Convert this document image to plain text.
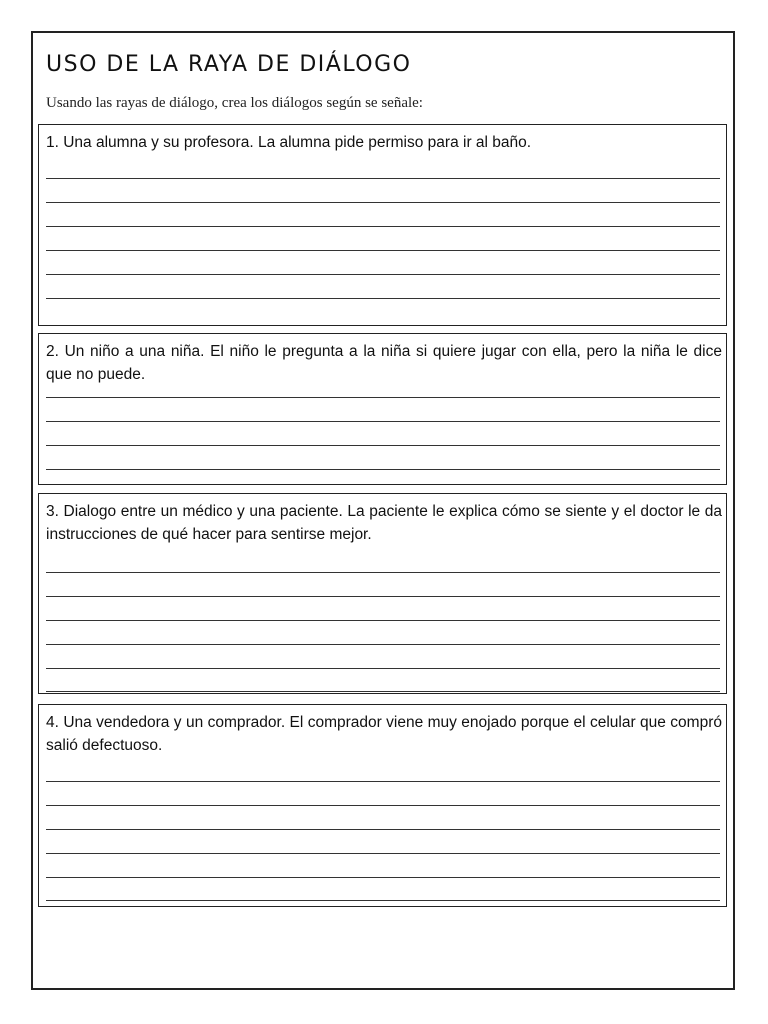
USO DE LA RAYA DE DIÁLOGO
Usando las rayas de diálogo, crea los diálogos según se señale:
1. Una alumna y su profesora. La alumna pide permiso para ir al baño.
2. Un niño a una niña. El niño le pregunta a la niña si quiere jugar con ella, pero la niña le dice que no puede.
3. Dialogo entre un médico y una paciente. La paciente le explica cómo se siente y el doctor le da instrucciones de qué hacer para sentirse mejor.
4. Una vendedora y un comprador. El comprador viene muy enojado porque el celular que compró salió defectuoso.
